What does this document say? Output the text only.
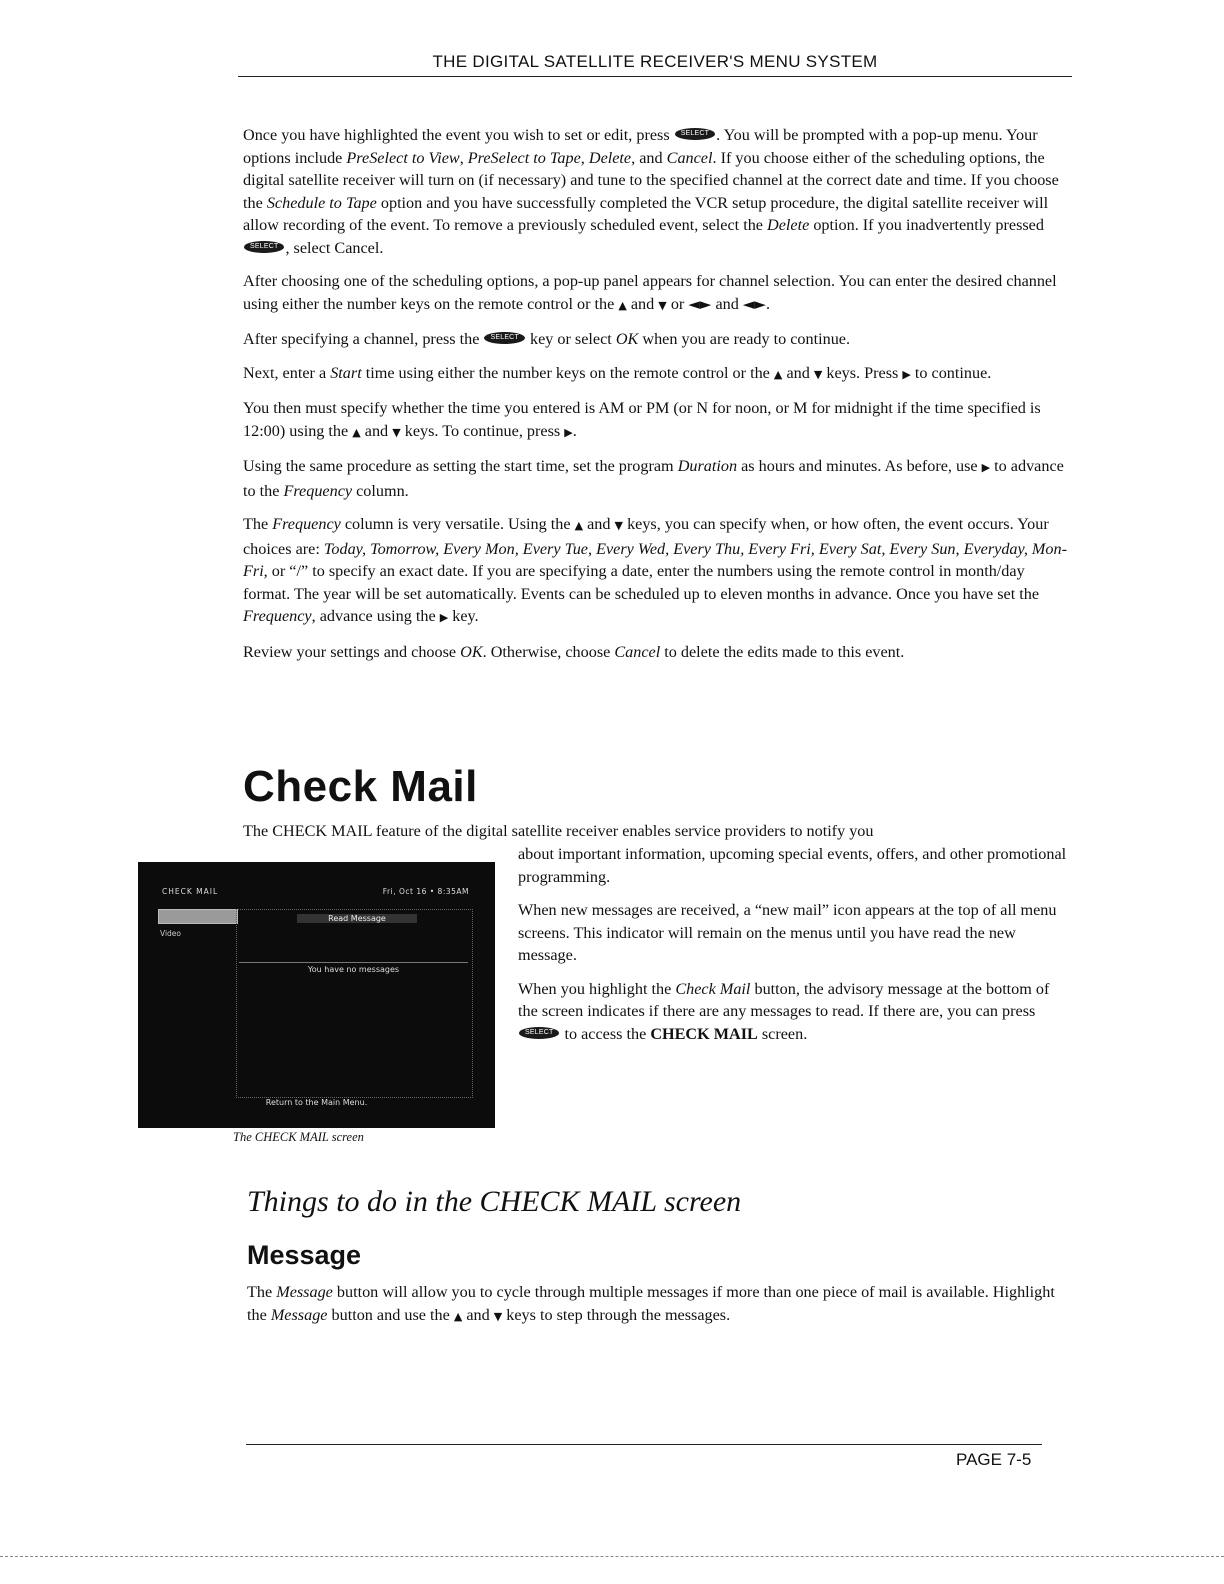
THE DIGITAL SATELLITE RECEIVER'S MENU SYSTEM

Once you have highlighted the event you wish to set or edit, press SELECT . You will be prompted with a pop-up menu. Your options include PreSelect to View, PreSelect to Tape, Delete, and Cancel. If you choose either of the scheduling options, the digital satellite receiver will turn on (if necessary) and tune to the specified channel at the correct date and time. If you choose the Schedule to Tape option and you have successfully completed the VCR setup procedure, the digital satellite receiver will allow recording of the event. To remove a previously scheduled event, select the Delete option. If you inadvertently pressed SELECT , select Cancel.

After choosing one of the scheduling options, a pop-up panel appears for channel selection. You can enter the desired channel using either the number keys on the remote control or the ▲ and ▼ or ◄► and ◄►.

After specifying a channel, press the SELECT key or select OK when you are ready to continue.

Next, enter a Start time using either the number keys on the remote control or the ▲ and ▼ keys. Press ▶ to continue.

You then must specify whether the time you entered is AM or PM (or N for noon, or M for midnight if the time specified is 12:00) using the ▲ and ▼ keys. To continue, press ▶.

Using the same procedure as setting the start time, set the program Duration as hours and minutes. As before, use ▶ to advance to the Frequency column.

The Frequency column is very versatile. Using the ▲ and ▼ keys, you can specify when, or how often, the event occurs. Your choices are: Today, Tomorrow, Every Mon, Every Tue, Every Wed, Every Thu, Every Fri, Every Sat, Every Sun, Everyday, Mon-Fri, or “/” to specify an exact date. If you are specifying a date, enter the numbers using the remote control in month/day format. The year will be set automatically. Events can be scheduled up to eleven months in advance. Once you have set the Frequency, advance using the ▶ key.

Review your settings and choose OK. Otherwise, choose Cancel to delete the edits made to this event.

Check Mail
The CHECK MAIL feature of the digital satellite receiver enables service providers to notify you

about important information, upcoming special events, offers, and other promotional programming.

When new messages are received, a “new mail” icon appears at the top of all menu screens. This indicator will remain on the menus until you have read the new message.

When you highlight the Check Mail button, the advisory message at the bottom of the screen indicates if there are any messages to read. If there are, you can press SELECT to access the CHECK MAIL screen.

CHECK MAIL	Fri, Oct 16 • 8:35AM
Video
Read Message
You have no messages
Return to the Main Menu.
The CHECK MAIL screen
Things to do in the CHECK MAIL screen
Message

The Message button will allow you to cycle through multiple messages if more than one piece of mail is available. Highlight the Message button and use the ▲ and ▼ keys to step through the messages.

PAGE 7-5
